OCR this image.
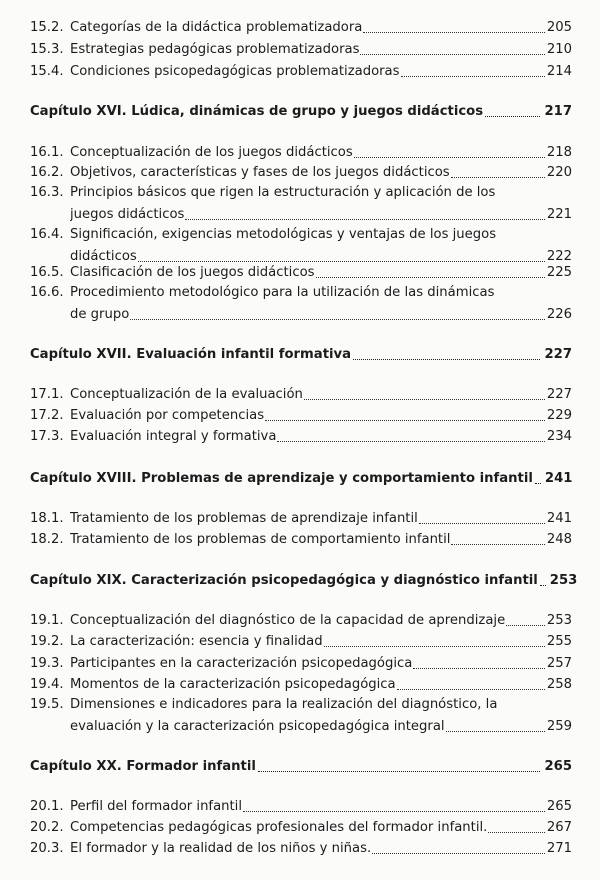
15.2. Categorías de la didáctica problematizadora	205
15.3. Estrategias pedagógicas problematizadoras	210
15.4. Condiciones psicopedagógicas problematizadoras	214
Capítulo XVI. Lúdica, dinámicas de grupo y juegos didácticos	217
16.1. Conceptualización de los juegos didácticos	218
16.2. Objetivos, características y fases de los juegos didácticos	220
16.3. Principios básicos que rigen la estructuración y aplicación de los
juegos didácticos	221
16.4. Significación, exigencias metodológicas y ventajas de los juegos
didácticos	222
16.5. Clasificación de los juegos didácticos	225
16.6. Procedimiento metodológico para la utilización de las dinámicas
de grupo	226
Capítulo XVII. Evaluación infantil formativa	227
17.1. Conceptualización de la evaluación	227
17.2. Evaluación por competencias	229
17.3. Evaluación integral y formativa	234
Capítulo XVIII. Problemas de aprendizaje y comportamiento infantil 241
18.1. Tratamiento de los problemas de aprendizaje infantil	241
18.2. Tratamiento de los problemas de comportamiento infantil	248
Capítulo XIX. Caracterización psicopedagógica y diagnóstico infantil 253
19.1. Conceptualización del diagnóstico de la capacidad de aprendizaje	253
19.2. La caracterización: esencia y finalidad	255
19.3. Participantes en la caracterización psicopedagógica	257
19.4. Momentos de la caracterización psicopedagógica	258
19.5. Dimensiones e indicadores para la realización del diagnóstico, la
evaluación y la caracterización psicopedagógica integral	259
Capítulo XX. Formador infantil	265
20.1. Perfil del formador infantil	265
20.2. Competencias pedagógicas profesionales del formador infantil.	267
20.3. El formador y la realidad de los niños y niñas.	271
